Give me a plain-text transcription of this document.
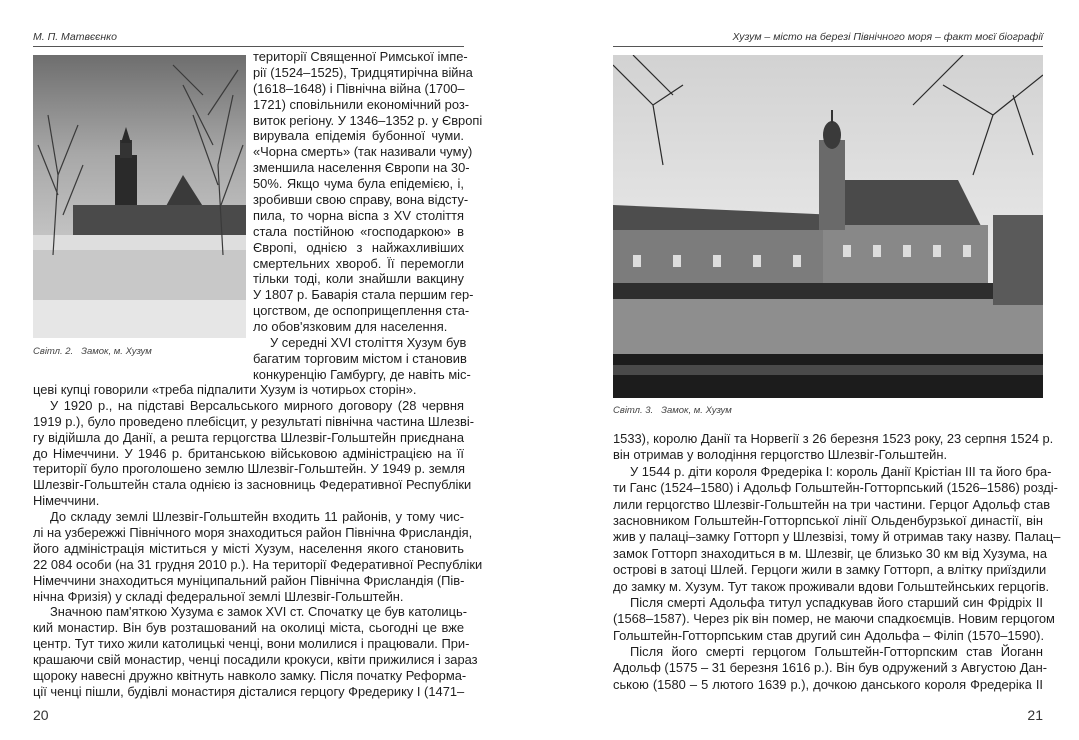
М. П. Матвєєнко
Світл. 2.   Замок, м. Хузум
території Священної Римської імпе-
рії (1524–1525), Тридцятирічна війна
(1618–1648) і Північна війна (1700–
1721) сповільнили економічний роз-
виток регіону. У 1346–1352 р. у Європі
вирувала епідемія бубонної чуми.
«Чорна смерть» (так називали чуму)
зменшила населення Європи на 30-
50%. Якщо чума була епідемією, і,
зробивши свою справу, вона відсту-
пила, то чорна віспа з XV століття
стала постійною «господаркою» в
Європі, однією з найжахливіших
смертельних хвороб. Її перемогли
тільки тоді, коли знайшли вакцину
У 1807 р. Баварія стала першим гер-
цогством, де оспоприщеплення ста-
ло обов'язковим для населення.
У середні XVI століття Хузум був
багатим торговим містом і становив
конкуренцію Гамбургу, де навіть міс-
цеві купці говорили «треба підпалити Хузум із чотирьох сторін».
У 1920 р., на підставі Версальського мирного договору (28 червня
1919 р.), було проведено плебісцит, у результаті північна частина Шлезві-
гу відійшла до Данії, а решта герцогства Шлезвіг-Гольштейн приєднана
до Німеччини. У 1946 р. британською військовою адміністрацією на її
території було проголошено землю Шлезвіг-Гольштейн. У 1949 р. земля
Шлезвіг-Гольштейн стала однією із засновниць Федеративної Республіки
Німеччини.
До складу землі Шлезвіг-Гольштейн входить 11 районів, у тому чис-
лі на узбережжі Північного моря знаходиться район Північна Фрисландія,
його адміністрація міститься у місті Хузум, населення якого становить
22 084 особи (на 31 грудня 2010 р.). На території Федеративної Республіки
Німеччини знаходиться муніципальний район Північна Фрисландія (Пів-
нічна Фризія) у складі федеральної землі Шлезвіг-Гольштейн.
Значною пам'яткою Хузума є замок XVI ст. Спочатку це був католиць-
кий монастир. Він був розташований на околиці міста, сьогодні це вже
центр. Тут тихо жили католицькі ченці, вони молилися і працювали. При-
крашаючи свій монастир, ченці посадили крокуси, квіти прижилися і зараз
щороку навесні дружно квітнуть навколо замку. Після початку Реформа-
ції ченці пішли, будівлі монастиря дісталися герцогу Фредерику I (1471–
20
Хузум – місто на березі Північного моря – факт моєї біографії
Світл. 3.   Замок, м. Хузум
1533), королю Данії та Норвегії з 26 березня 1523 року, 23 серпня 1524 р.
він отримав у володіння герцогство Шлезвіг-Гольштейн.
У 1544 р. діти короля Фредеріка I: король Данії Крістіан III та його бра-
ти Ганс (1524–1580) і Адольф Гольштейн-Готторпський (1526–1586) розді-
лили герцогство Шлезвіг-Гольштейн на три частини. Герцог Адольф став
засновником Гольштейн-Готторпської лінії Ольденбурзької династії, він
жив у палаці–замку Готторп у Шлезвізі, тому й отримав таку назву. Палац–
замок Готторп знаходиться в м. Шлезвіг, це близько 30 км від Хузума, на
острові в затоці Шлей. Герцоги жили в замку Готторп, а влітку приїздили
до замку м. Хузум. Тут також проживали вдови Гольштейнських герцогів.
Після смерті Адольфа титул успадкував його старший син Фрідріх II
(1568–1587). Через рік він помер, не маючи спадкоємців. Новим герцогом
Гольштейн-Готторпським став другий син Адольфа – Філіп (1570–1590).
Після його смерті герцогом Гольштейн-Готторпским став Йоганн
Адольф (1575 – 31 березня 1616 р.). Він був одружений з Августою Дан-
ською (1580 – 5 лютого 1639 р.), дочкою данського короля Фредеріка II
21
